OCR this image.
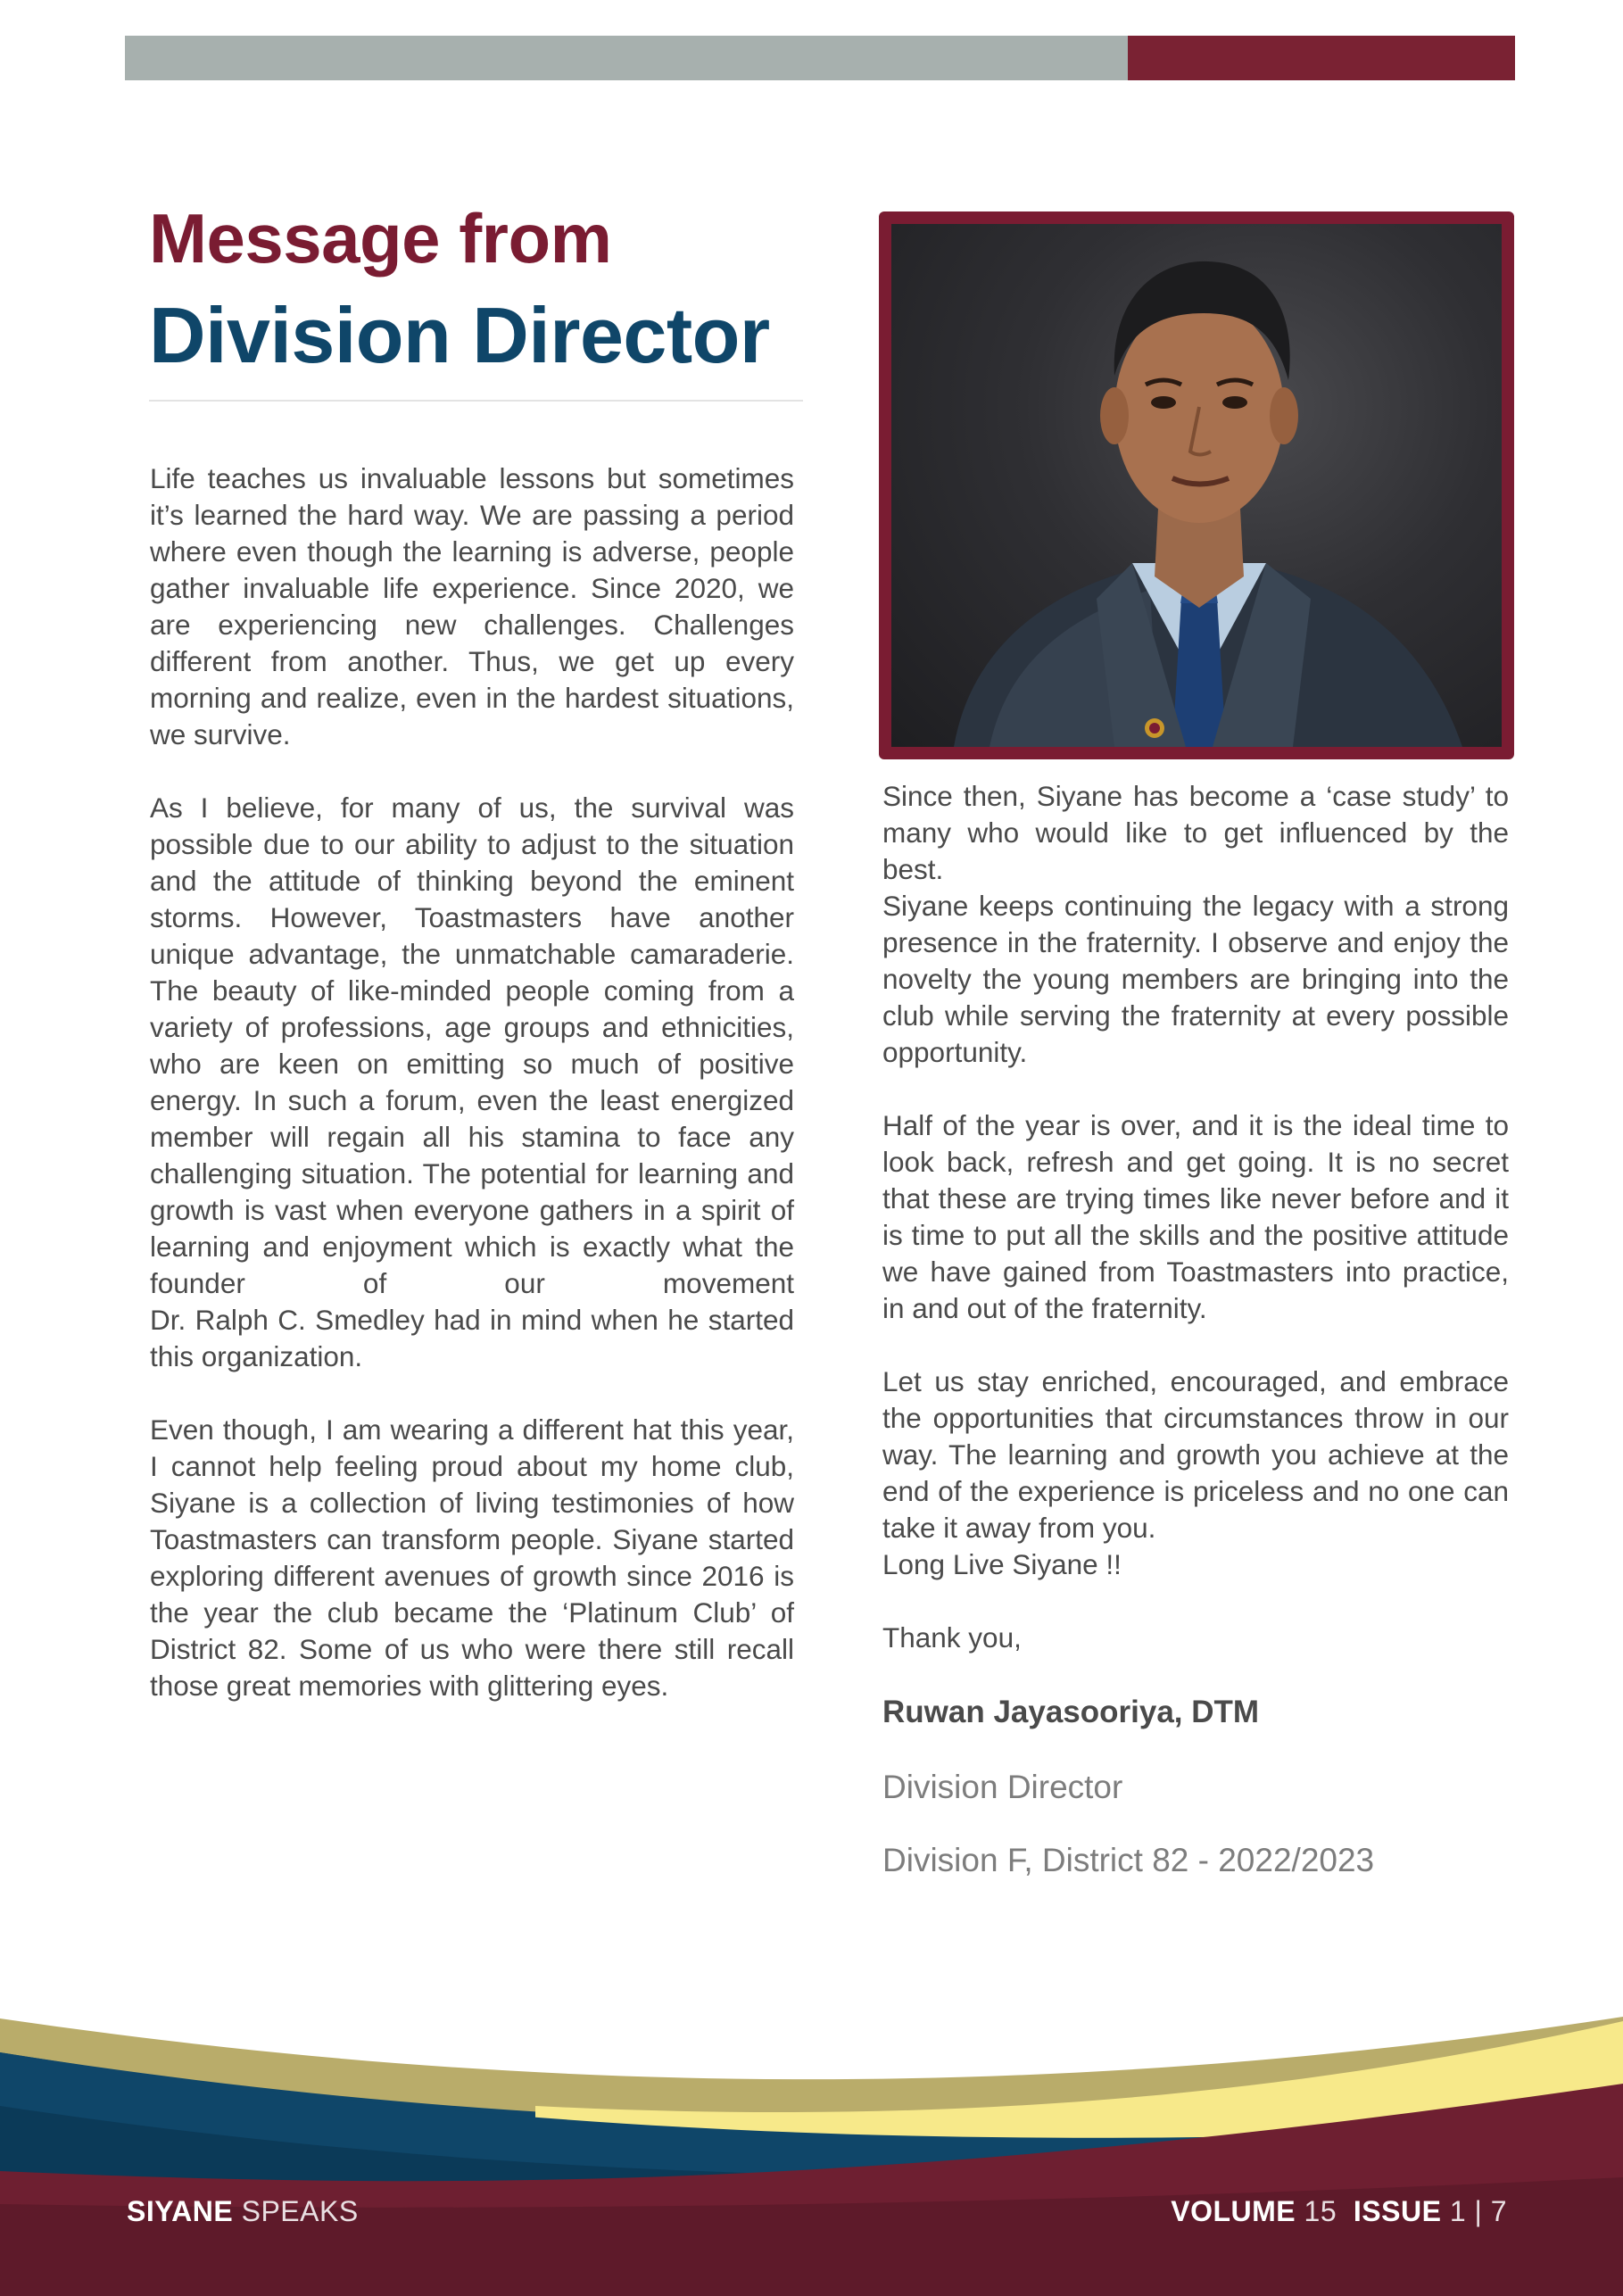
Message from
Division Director

Life teaches us invaluable lessons but sometimes it’s learned the hard way. We are passing a period where even though the learning is adverse, people gather invaluable life experience. Since 2020, we are experiencing new challenges. Challenges different from another. Thus, we get up every morning and realize, even in the hardest situations, we survive.

As I believe, for many of us, the survival was possible due to our ability to adjust to the situation and the attitude of thinking beyond the eminent storms. However, Toastmasters have another unique advantage, the unmatchable camaraderie. The beauty of like-minded people coming from a variety of professions, age groups and ethnicities, who are keen on emitting so much of positive energy. In such a forum, even the least energized member will regain all his stamina to face any challenging situation. The potential for learning and growth is vast when everyone gathers in a spirit of learning and enjoyment which is exactly what the founder of our movement

Dr. Ralph C. Smedley had in mind when he started this organization.

Even though, I am wearing a different hat this year, I cannot help feeling proud about my home club, Siyane is a collection of living testimonies of how Toastmasters can transform people. Siyane started exploring different avenues of growth since 2016 is the year the club became the ‘Platinum Club’ of District 82. Some of us who were there still recall those great memories with glittering eyes.

Since then, Siyane has become a ‘case study’ to many who would like to get influenced by the best.

Siyane keeps continuing the legacy with a strong presence in the fraternity. I observe and enjoy the novelty the young members are bringing into the club while serving the fraternity at every possible opportunity.

Half of the year is over, and it is the ideal time to look back, refresh and get going. It is no secret that these are trying times like never before and it is time to put all the skills and the positive attitude we have gained from Toastmasters into practice, in and out of the fraternity.

Let us stay enriched, encouraged, and embrace the opportunities that circumstances throw in our way. The learning and growth you achieve at the end of the experience is priceless and no one can take it away from you.

Long Live Siyane !!

Thank you,

Ruwan Jayasooriya, DTM

Division Director

Division F, District 82 - 2022/2023

SIYANE SPEAKS	VOLUME 15 ISSUE 1 | 7
